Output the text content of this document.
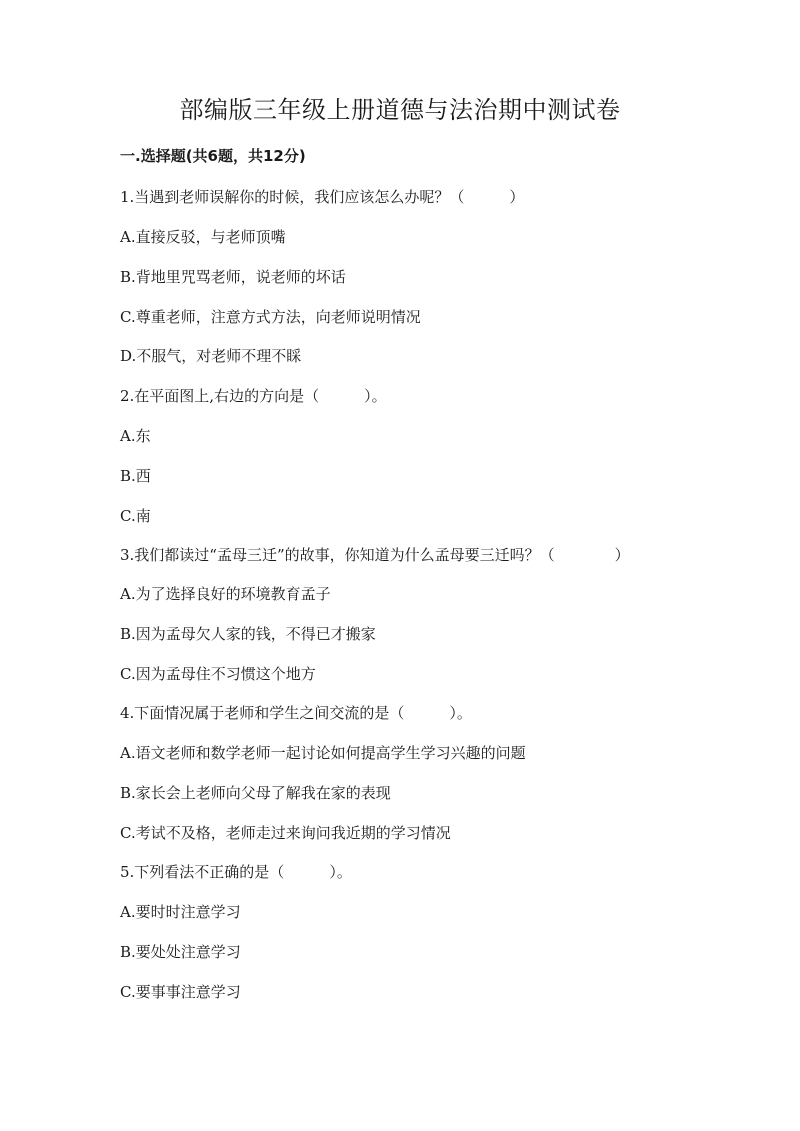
部编版三年级上册道德与法治期中测试卷
一.选择题(共6题，共12分)
1.当遇到老师误解你的时候，我们应该怎么办呢？（　　　）
A.直接反驳，与老师顶嘴
B.背地里咒骂老师，说老师的坏话
C.尊重老师，注意方式方法，向老师说明情况
D.不服气，对老师不理不睬
2.在平面图上,右边的方向是（　　　）。
A.东
B.西
C.南
3.我们都读过“孟母三迁”的故事，你知道为什么孟母要三迁吗？（　　　　）
A.为了选择良好的环境教育孟子
B.因为孟母欠人家的钱，不得已才搬家
C.因为孟母住不习惯这个地方
4.下面情况属于老师和学生之间交流的是（　　　）。
A.语文老师和数学老师一起讨论如何提高学生学习兴趣的问题
B.家长会上老师向父母了解我在家的表现
C.考试不及格，老师走过来询问我近期的学习情况
5.下列看法不正确的是（　　　）。
A.要时时注意学习
B.要处处注意学习
C.要事事注意学习
